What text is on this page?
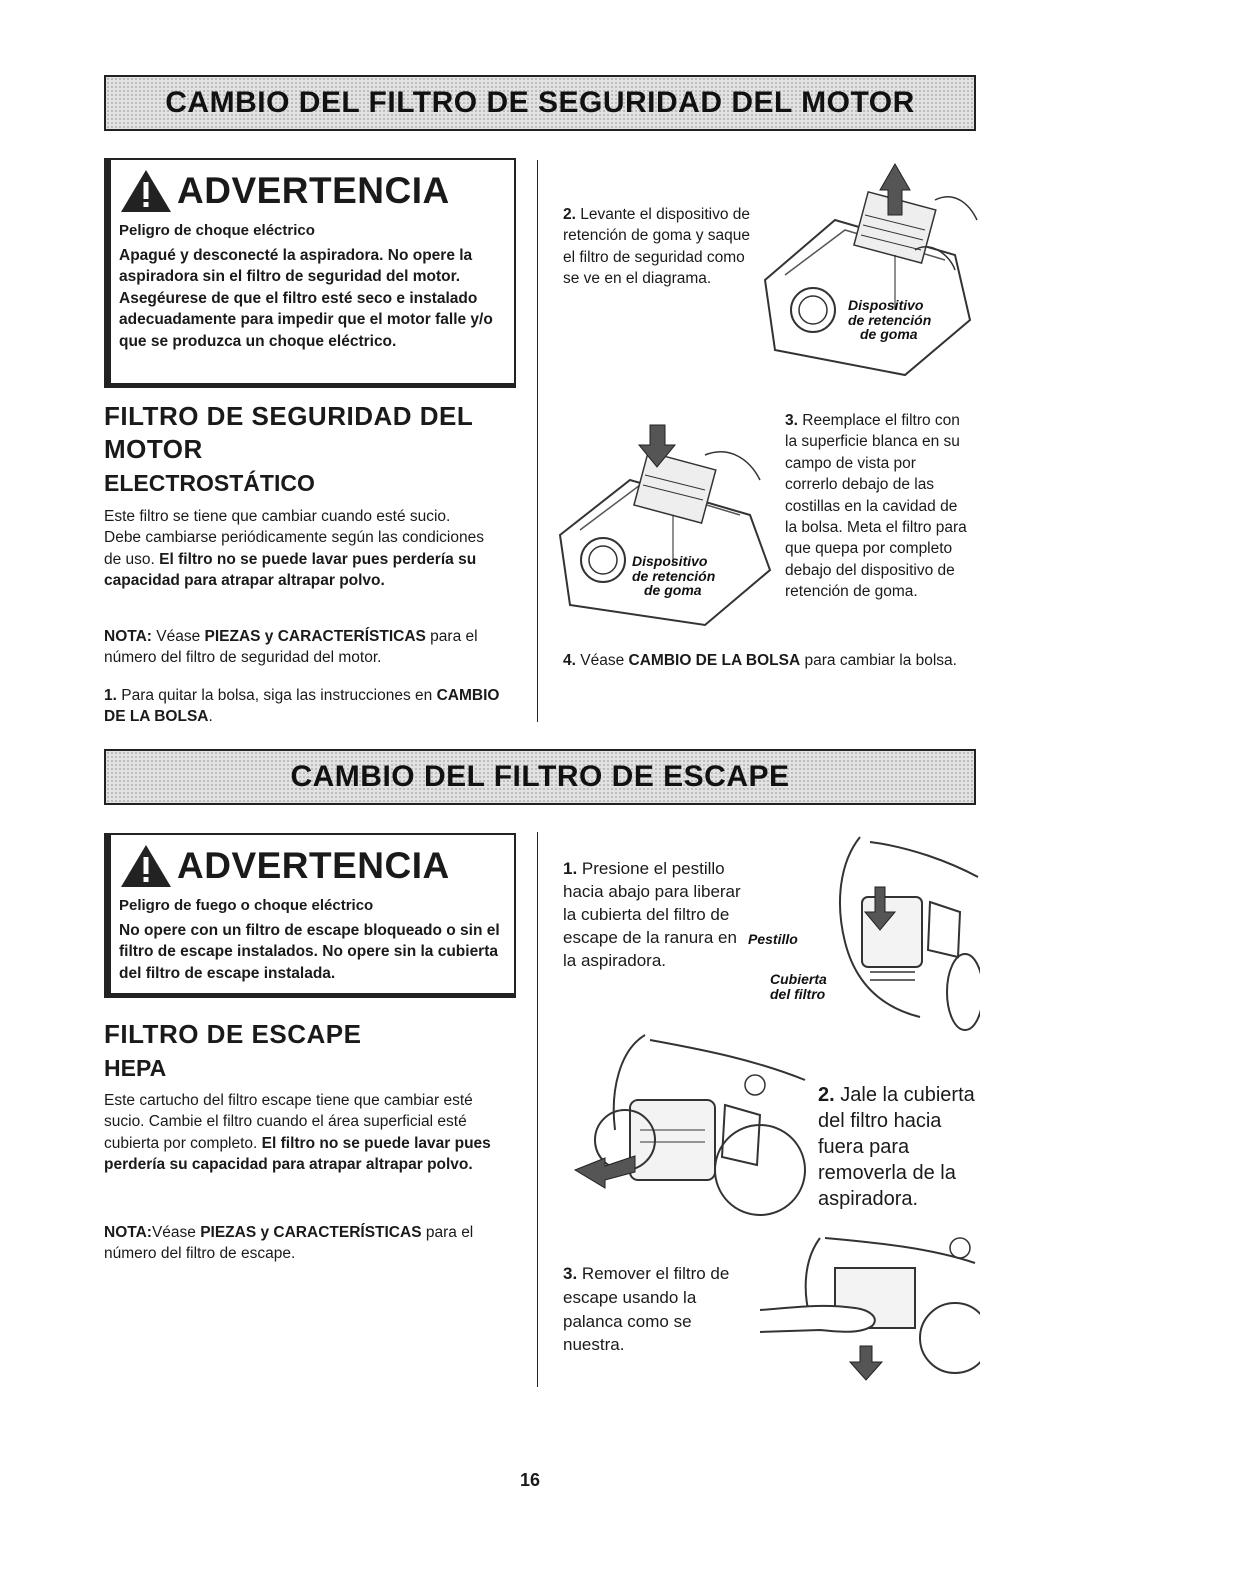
CAMBIO DEL FILTRO DE SEGURIDAD DEL MOTOR
ADVERTENCIA
Peligro de choque eléctrico
Apagué y desconecté la aspiradora. No opere la aspiradora sin el filtro de seguridad del motor. Asegéurese de que el filtro esté seco e instalado adecuadamente para impedir que el motor falle y/o que se produzca un choque eléctrico.
FILTRO DE SEGURIDAD DEL
MOTOR
ELECTROSTÁTICO
Este filtro se tiene que cambiar cuando esté sucio. Debe cambiarse periódicamente según las condiciones de uso. El filtro no se puede lavar pues perdería su capacidad para atrapar altrapar polvo.
NOTA: Véase PIEZAS y CARACTERÍSTICAS para el número del filtro de seguridad del motor.
1. Para quitar la bolsa, siga las instrucciones en CAMBIO DE LA BOLSA.
2. Levante el dispositivo de retención de goma y saque el filtro de seguridad como se ve en el diagrama.
Dispositivo
de retención
de goma
Dispositivo
de retención
de goma
3. Reemplace el filtro con la superficie blanca en su campo de vista por correrlo debajo de las costillas en la cavidad de la bolsa. Meta el filtro para que quepa por completo debajo del dispositivo de retención de goma.
4. Véase CAMBIO DE LA BOLSA para cambiar la bolsa.
CAMBIO DEL FILTRO DE ESCAPE
ADVERTENCIA
Peligro de fuego o choque eléctrico
No opere con un filtro de escape bloqueado o sin el filtro de escape instalados. No opere sin la cubierta del filtro de escape instalada.
FILTRO DE ESCAPE
HEPA
Este cartucho del filtro escape tiene que cambiar esté sucio. Cambie el filtro cuando el área superficial esté cubierta por completo. El filtro no se puede lavar pues perdería su capacidad para atrapar altrapar polvo.
NOTA:Véase PIEZAS y CARACTERÍSTICAS para el número del filtro de escape.
1. Presione el pestillo hacia abajo para liberar la cubierta del filtro de escape de la ranura en la aspiradora.
Pestillo
Cubierta
del filtro
2. Jale la cubierta del filtro hacia fuera para removerla de la aspiradora.
3. Remover el filtro de escape usando la palanca como se nuestra.
16
